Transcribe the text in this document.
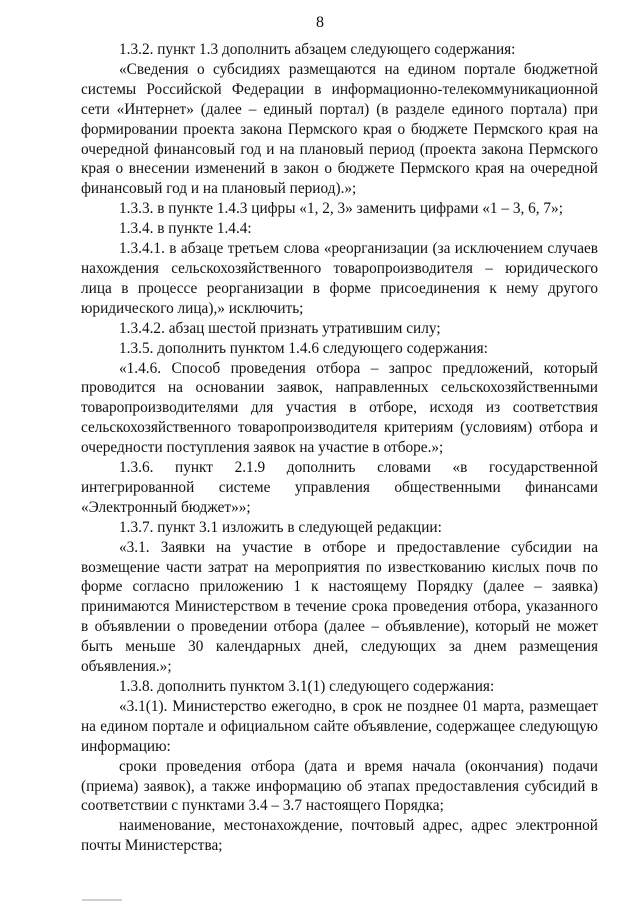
8

1.3.2. пункт 1.3 дополнить абзацем следующего содержания:

«Сведения о субсидиях размещаются на едином портале бюджетной системы Российской Федерации в информационно-телекоммуникационной сети «Интернет» (далее – единый портал) (в разделе единого портала) при формировании проекта закона Пермского края о бюджете Пермского края на очередной финансовый год и на плановый период (проекта закона Пермского края о внесении изменений в закон о бюджете Пермского края на очередной финансовый год и на плановый период).»;

1.3.3. в пункте 1.4.3 цифры «1, 2, 3» заменить цифрами «1 – 3, 6, 7»;

1.3.4. в пункте 1.4.4:

1.3.4.1. в абзаце третьем слова «реорганизации (за исключением случаев нахождения сельскохозяйственного товаропроизводителя – юридического лица в процессе реорганизации в форме присоединения к нему другого юридического лица),» исключить;

1.3.4.2. абзац шестой признать утратившим силу;

1.3.5. дополнить пунктом 1.4.6 следующего содержания:

«1.4.6. Способ проведения отбора – запрос предложений, который проводится на основании заявок, направленных сельскохозяйственными товаропроизводителями для участия в отборе, исходя из соответствия сельскохозяйственного товаропроизводителя критериям (условиям) отбора и очередности поступления заявок на участие в отборе.»;

1.3.6. пункт 2.1.9 дополнить словами «в государственной интегрированной системе управления общественными финансами «Электронный бюджет»»;

1.3.7. пункт 3.1 изложить в следующей редакции:

«3.1. Заявки на участие в отборе и предоставление субсидии на возмещение части затрат на мероприятия по известкованию кислых почв по форме согласно приложению 1 к настоящему Порядку (далее – заявка) принимаются Министерством в течение срока проведения отбора, указанного в объявлении о проведении отбора (далее – объявление), который не может быть меньше 30 календарных дней, следующих за днем размещения объявления.»;

1.3.8. дополнить пунктом 3.1(1) следующего содержания:

«3.1(1). Министерство ежегодно, в срок не позднее 01 марта, размещает на едином портале и официальном сайте объявление, содержащее следующую информацию:

сроки проведения отбора (дата и время начала (окончания) подачи (приема) заявок), а также информацию об этапах предоставления субсидий в соответствии с пунктами 3.4 – 3.7 настоящего Порядка;

наименование, местонахождение, почтовый адрес, адрес электронной почты Министерства;
